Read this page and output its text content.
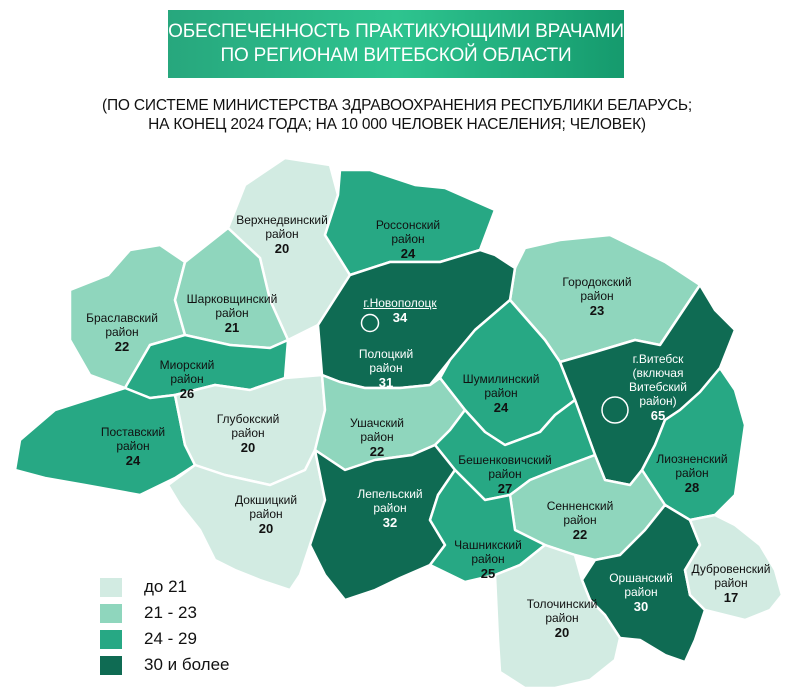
ОБЕСПЕЧЕННОСТЬ ПРАКТИКУЮЩИМИ ВРАЧАМИ
ПО РЕГИОНАМ ВИТЕБСКОЙ ОБЛАСТИ
(ПО СИСТЕМЕ МИНИСТЕРСТВА ЗДРАВООХРАНЕНИЯ РЕСПУБЛИКИ БЕЛАРУСЬ;
НА КОНЕЦ 2024 ГОДА; НА 10 000 ЧЕЛОВЕК НАСЕЛЕНИЯ; ЧЕЛОВЕК)
Верхнедвинский
район
20
Россонский
район
24
Городокский
район
23
Браславский
район
22
Шарковщинский
район
21
г.Новополоцк
34
Полоцкий
район
31
Миорский
район
26
Шумилинский
район
24
г.Витебск
(включая
Витебский
район)
65
Поставский
район
24
Глубокский
район
20
Ушачский
район
22
Бешенковичский
район
27
Лиозненский
район
28
Докшицкий
район
20
Лепельский
район
32
Сенненский
район
22
Чашникский
район
25	Оршанский
район
30
Дубровенский
район
17
Толочинский
район
20
до 21
21 - 23
24 - 29
30 и более
